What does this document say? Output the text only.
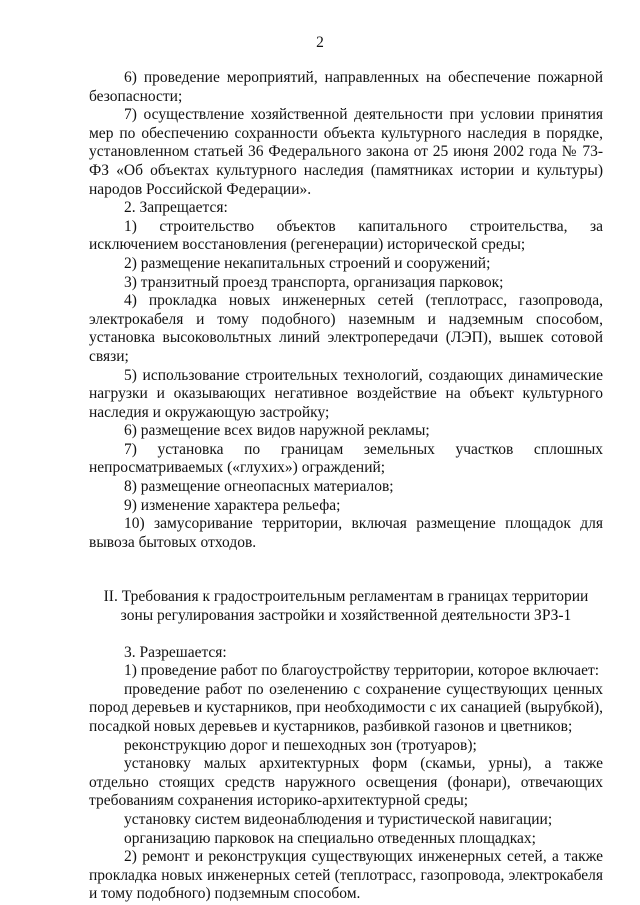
2
6) проведение мероприятий, направленных на обеспечение пожарной безопасности;
7) осуществление хозяйственной деятельности при условии принятия мер по обеспечению сохранности объекта культурного наследия в порядке, установленном статьей 36 Федерального закона от 25 июня 2002 года № 73-ФЗ «Об объектах культурного наследия (памятниках истории и культуры) народов Российской Федерации».
2. Запрещается:
1) строительство объектов капитального строительства, за исключением восстановления (регенерации) исторической среды;
2) размещение некапитальных строений и сооружений;
3) транзитный проезд транспорта, организация парковок;
4) прокладка новых инженерных сетей (теплотрасс, газопровода, электрокабеля и тому подобного) наземным и надземным способом, установка высоковольтных линий электропередачи (ЛЭП), вышек сотовой связи;
5) использование строительных технологий, создающих динамические нагрузки и оказывающих негативное воздействие на объект культурного наследия и окружающую застройку;
6) размещение всех видов наружной рекламы;
7) установка по границам земельных участков сплошных непросматриваемых («глухих») ограждений;
8) размещение огнеопасных материалов;
9) изменение характера рельефа;
10) замусоривание территории, включая размещение площадок для вывоза бытовых отходов.
II. Требования к градостроительным регламентам в границах территории
зоны регулирования застройки и хозяйственной деятельности ЗРЗ-1
3. Разрешается:
1) проведение работ по благоустройству территории, которое включает:
проведение работ по озеленению с сохранение существующих ценных пород деревьев и кустарников, при необходимости с их санацией (вырубкой), посадкой новых деревьев и кустарников, разбивкой газонов и цветников;
реконструкцию дорог и пешеходных зон (тротуаров);
установку малых архитектурных форм (скамьи, урны), а также отдельно стоящих средств наружного освещения (фонари), отвечающих требованиям сохранения историко-архитектурной среды;
установку систем видеонаблюдения и туристической навигации;
организацию парковок на специально отведенных площадках;
2) ремонт и реконструкция существующих инженерных сетей, а также прокладка новых инженерных сетей (теплотрасс, газопровода, электрокабеля и тому подобного) подземным способом.
